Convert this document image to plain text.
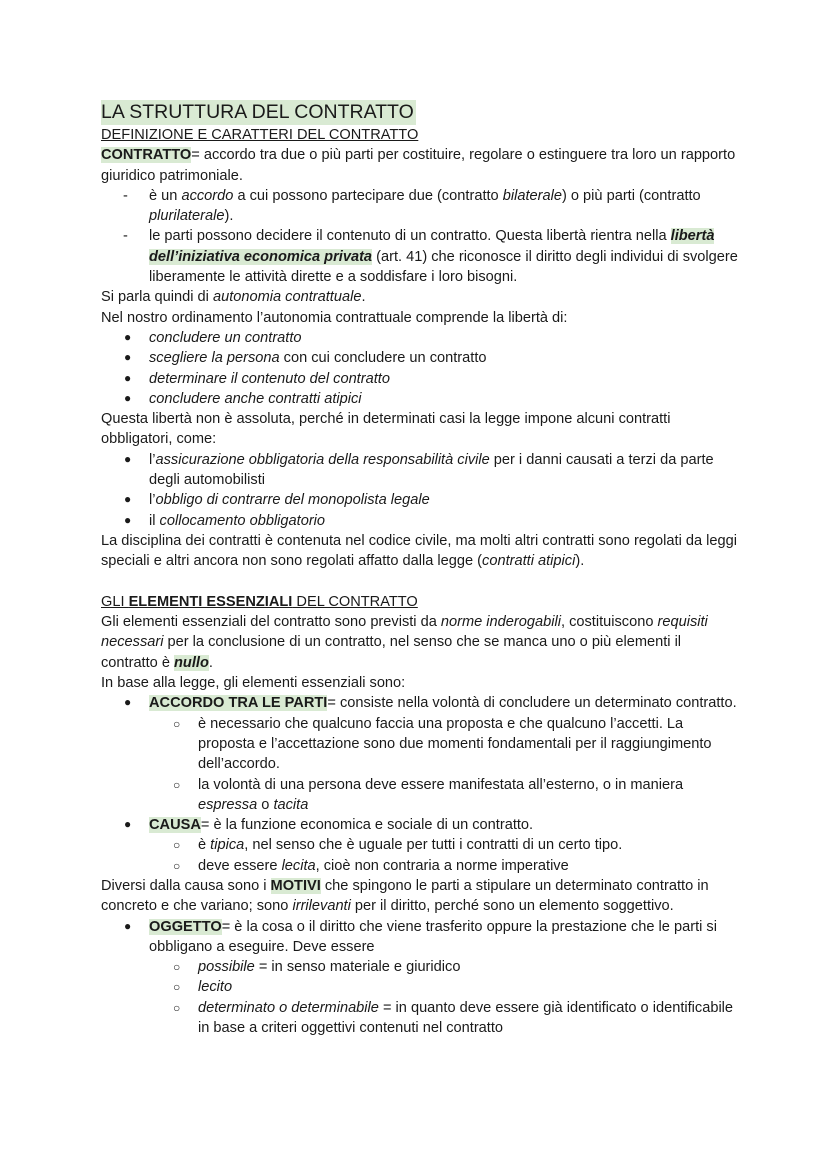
LA STRUTTURA DEL CONTRATTO
DEFINIZIONE E CARATTERI DEL CONTRATTO

CONTRATTO= accordo tra due o più parti per costituire, regolare o estinguere tra loro un rapporto giuridico patrimoniale.

- è un accordo a cui possono partecipare due (contratto bilaterale) o più parti (contratto plurilaterale).
- le parti possono decidere il contenuto di un contratto. Questa libertà rientra nella libertà dell’iniziativa economica privata (art. 41) che riconosce il diritto degli individui di svolgere liberamente le attività dirette e a soddisfare i loro bisogni.

Si parla quindi di autonomia contrattuale.

Nel nostro ordinamento l’autonomia contrattuale comprende la libertà di:

● concludere un contratto
● scegliere la persona con cui concludere un contratto
● determinare il contenuto del contratto
● concludere anche contratti atipici

Questa libertà non è assoluta, perché in determinati casi la legge impone alcuni contratti obbligatori, come:

● l’assicurazione obbligatoria della responsabilità civile per i danni causati a terzi da parte degli automobilisti
● l’obbligo di contrarre del monopolista legale
● il collocamento obbligatorio

La disciplina dei contratti è contenuta nel codice civile, ma molti altri contratti sono regolati da leggi speciali e altri ancora non sono regolati affatto dalla legge (contratti atipici).

GLI ELEMENTI ESSENZIALI DEL CONTRATTO

Gli elementi essenziali del contratto sono previsti da norme inderogabili, costituiscono requisiti necessari per la conclusione di un contratto, nel senso che se manca uno o più elementi il contratto è nullo.

In base alla legge, gli elementi essenziali sono:

● ACCORDO TRA LE PARTI= consiste nella volontà di concludere un determinato contratto.
○ è necessario che qualcuno faccia una proposta e che qualcuno l’accetti. La proposta e l’accettazione sono due momenti fondamentali per il raggiungimento dell’accordo.
○ la volontà di una persona deve essere manifestata all’esterno, o in maniera espressa o tacita
● CAUSA= è la funzione economica e sociale di un contratto.
○ è tipica, nel senso che è uguale per tutti i contratti di un certo tipo.
○ deve essere lecita, cioè non contraria a norme imperative

Diversi dalla causa sono i MOTIVI che spingono le parti a stipulare un determinato contratto in concreto e che variano; sono irrilevanti per il diritto, perché sono un elemento soggettivo.

● OGGETTO= è la cosa o il diritto che viene trasferito oppure la prestazione che le parti si obbligano a eseguire. Deve essere
○ possibile = in senso materiale e giuridico
○ lecito
○ determinato o determinabile = in quanto deve essere già identificato o identificabile in base a criteri oggettivi contenuti nel contratto
